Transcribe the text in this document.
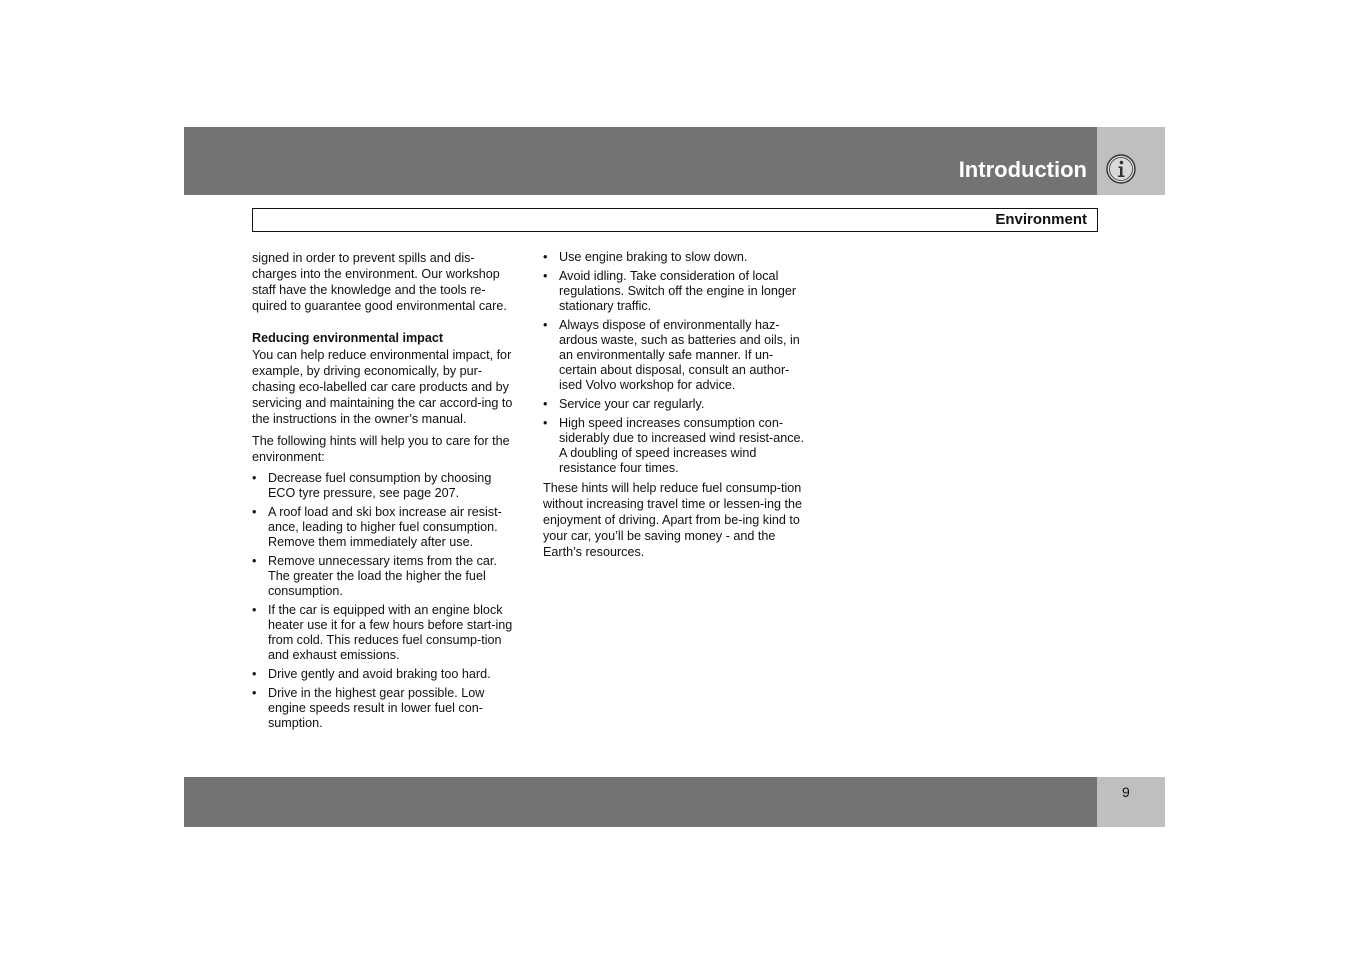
Introduction
Environment

signed in order to prevent spills and dis-charges into the environment. Our workshop staff have the knowledge and the tools re-quired to guarantee good environmental care.

Reducing environmental impact

You can help reduce environmental impact, for example, by driving economically, by pur-chasing eco-labelled car care products and by servicing and maintaining the car accord-ing to the instructions in the owner’s manual.

The following hints will help you to care for the environment:

• Decrease fuel consumption by choosing ECO tyre pressure, see page 207.
• A roof load and ski box increase air resist-ance, leading to higher fuel consumption. Remove them immediately after use.
• Remove unnecessary items from the car. The greater the load the higher the fuel consumption.
• If the car is equipped with an engine block heater use it for a few hours before start-ing from cold. This reduces fuel consump-tion and exhaust emissions.
• Drive gently and avoid braking too hard.
• Drive in the highest gear possible. Low engine speeds result in lower fuel con-sumption.
• Use engine braking to slow down.
• Avoid idling. Take consideration of local regulations. Switch off the engine in longer stationary traffic.
• Always dispose of environmentally haz-ardous waste, such as batteries and oils, in an environmentally safe manner. If un-certain about disposal, consult an author-ised Volvo workshop for advice.
• Service your car regularly.
• High speed increases consumption con-siderably due to increased wind resist-ance. A doubling of speed increases wind resistance four times.

These hints will help reduce fuel consump-tion without increasing travel time or lessen-ing the enjoyment of driving. Apart from be-ing kind to your car, you’ll be saving money - and the Earth’s resources.

9
